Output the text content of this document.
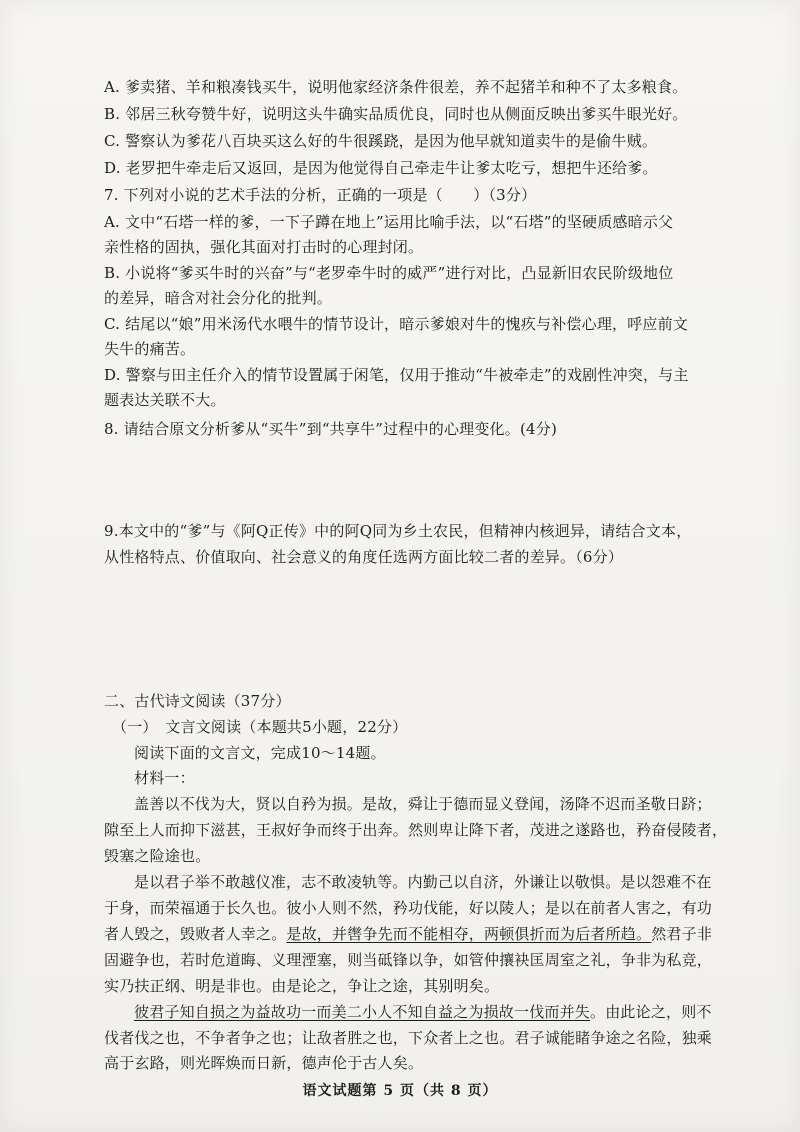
A. 爹卖猪、羊和粮凑钱买牛，说明他家经济条件很差，养不起猪羊和种不了太多粮食。
B. 邻居三秋夸赞牛好，说明这头牛确实品质优良，同时也从侧面反映出爹买牛眼光好。
C. 警察认为爹花八百块买这么好的牛很蹊跷，是因为他早就知道卖牛的是偷牛贼。
D. 老罗把牛牵走后又返回，是因为他觉得自己牵走牛让爹太吃亏，想把牛还给爹。
7. 下列对小说的艺术手法的分析，正确的一项是（　　）（3分）
A. 文中“石塔一样的爹，一下子蹲在地上”运用比喻手法，以“石塔”的坚硬质感暗示父
亲性格的固执，强化其面对打击时的心理封闭。
B. 小说将“爹买牛时的兴奋”与“老罗牵牛时的威严”进行对比，凸显新旧农民阶级地位
的差异，暗含对社会分化的批判。
C. 结尾以“娘”用米汤代水喂牛的情节设计，暗示爹娘对牛的愧疚与补偿心理，呼应前文
失牛的痛苦。
D. 警察与田主任介入的情节设置属于闲笔，仅用于推动“牛被牵走”的戏剧性冲突，与主
题表达关联不大。
8. 请结合原文分析爹从“买牛”到“共享牛”过程中的心理变化。(4分)
9.本文中的“爹”与《阿Q正传》中的阿Q同为乡土农民，但精神内核迥异，请结合文本，
从性格特点、价值取向、社会意义的角度任选两方面比较二者的差异。（6分）
二、古代诗文阅读（37分）
（一）　文言文阅读（本题共5小题，22分）
阅读下面的文言文，完成10～14题。
材料一：
盖善以不伐为大，贤以自矜为损。是故，舜让于德而显义登闻，汤降不迟而圣敬日跻；
隙至上人而抑下滋甚，王叔好争而终于出奔。然则卑让降下者，茂进之遂路也，矜奋侵陵者，
毁塞之险途也。
是以君子举不敢越仪准，志不敢凌轨等。内勤己以自济，外谦让以敬惧。是以怨难不在
于身，而荣福通于长久也。彼小人则不然，矜功伐能，好以陵人；是以在前者人害之，有功
者人毁之，毁败者人幸之。是故，并辔争先而不能相夺，两顿俱折而为后者所趋。然君子非
固避争也，若时危道晦、义理湮塞，则当砥锋以争，如管仲攘袂匡周室之礼，争非为私竞，
实乃扶正纲、明是非也。由是论之，争让之途，其别明矣。
彼君子知自损之为益故功一而美二小人不知自益之为损故一伐而并失。由此论之，则不
伐者伐之也，不争者争之也；让敌者胜之也，下众者上之也。君子诚能睹争途之名险，独乘
语文试题第 5 页（共 8 页）
高于玄路，则光晖焕而日新，德声伦于古人矣。
